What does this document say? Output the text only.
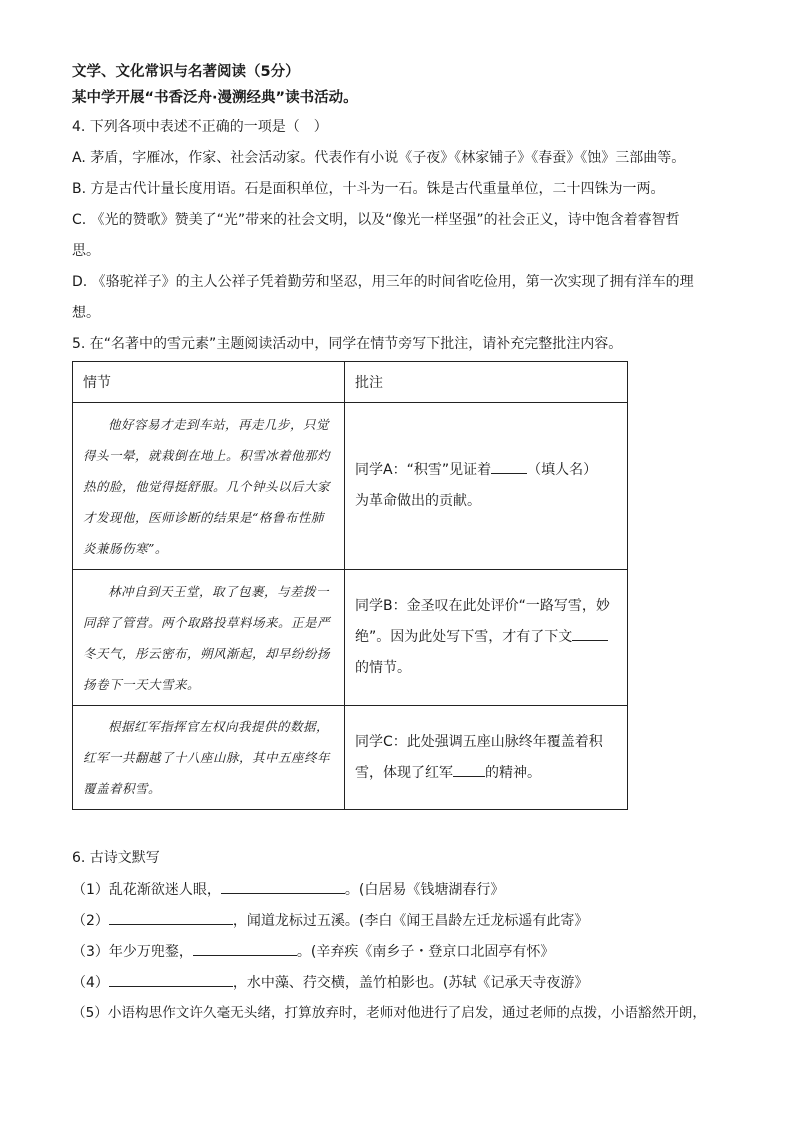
文学、文化常识与名著阅读（5分）
某中学开展“书香泛舟·漫溯经典”读书活动。
4. 下列各项中表述不正确的一项是（　）
A. 茅盾，字雁冰，作家、社会活动家。代表作有小说《子夜》《林家铺子》《春蚕》《蚀》三部曲等。
B. 方是古代计量长度用语。石是面积单位，十斗为一石。铢是古代重量单位，二十四铢为一两。
C. 《光的赞歌》赞美了“光”带来的社会文明，以及“像光一样坚强”的社会正义，诗中饱含着睿智哲
思。
D. 《骆驼祥子》的主人公祥子凭着勤劳和坚忍，用三年的时间省吃俭用，第一次实现了拥有洋车的理
想。
5. 在“名著中的雪元素”主题阅读活动中，同学在情节旁写下批注，请补充完整批注内容。
情节	批注

他好容易才走到车站，再走几步，只觉得头一晕，就栽倒在地上。积雪冰着他那灼热的脸，他觉得挺舒服。几个钟头以后大家才发现他，医师诊断的结果是“格鲁布性肺炎兼肠伤寒”。	同学A：“积雪”见证着 （填人名）
为革命做出的贡献。

林冲自到天王堂，取了包裹，与差拨一同辞了管营。两个取路投草料场来。正是严冬天气，彤云密布，朔风渐起，却早纷纷扬扬卷下一天大雪来。	同学B：金圣叹在此处评价“一路写雪，妙
绝”。因为此处写下雪，才有了下文
的情节。

根据红军指挥官左权向我提供的数据，红军一共翻越了十八座山脉，其中五座终年覆盖着积雪。	同学C：此处强调五座山脉终年覆盖着积
雪，体现了红军 的精神。
6. 古诗文默写
（1）乱花渐欲迷人眼，	。(白居易《钱塘湖春行》
（2）	，闻道龙标过五溪。(李白《闻王昌龄左迁龙标遥有此寄》
（3）年少万兜鍪，	。(辛弃疾《南乡子・登京口北固亭有怀》
（4）	，水中藻、荇交横，盖竹柏影也。(苏轼《记承天寺夜游》
（5）小语构思作文许久毫无头绪，打算放弃时，老师对他进行了启发，通过老师的点拨，小语豁然开朗，
